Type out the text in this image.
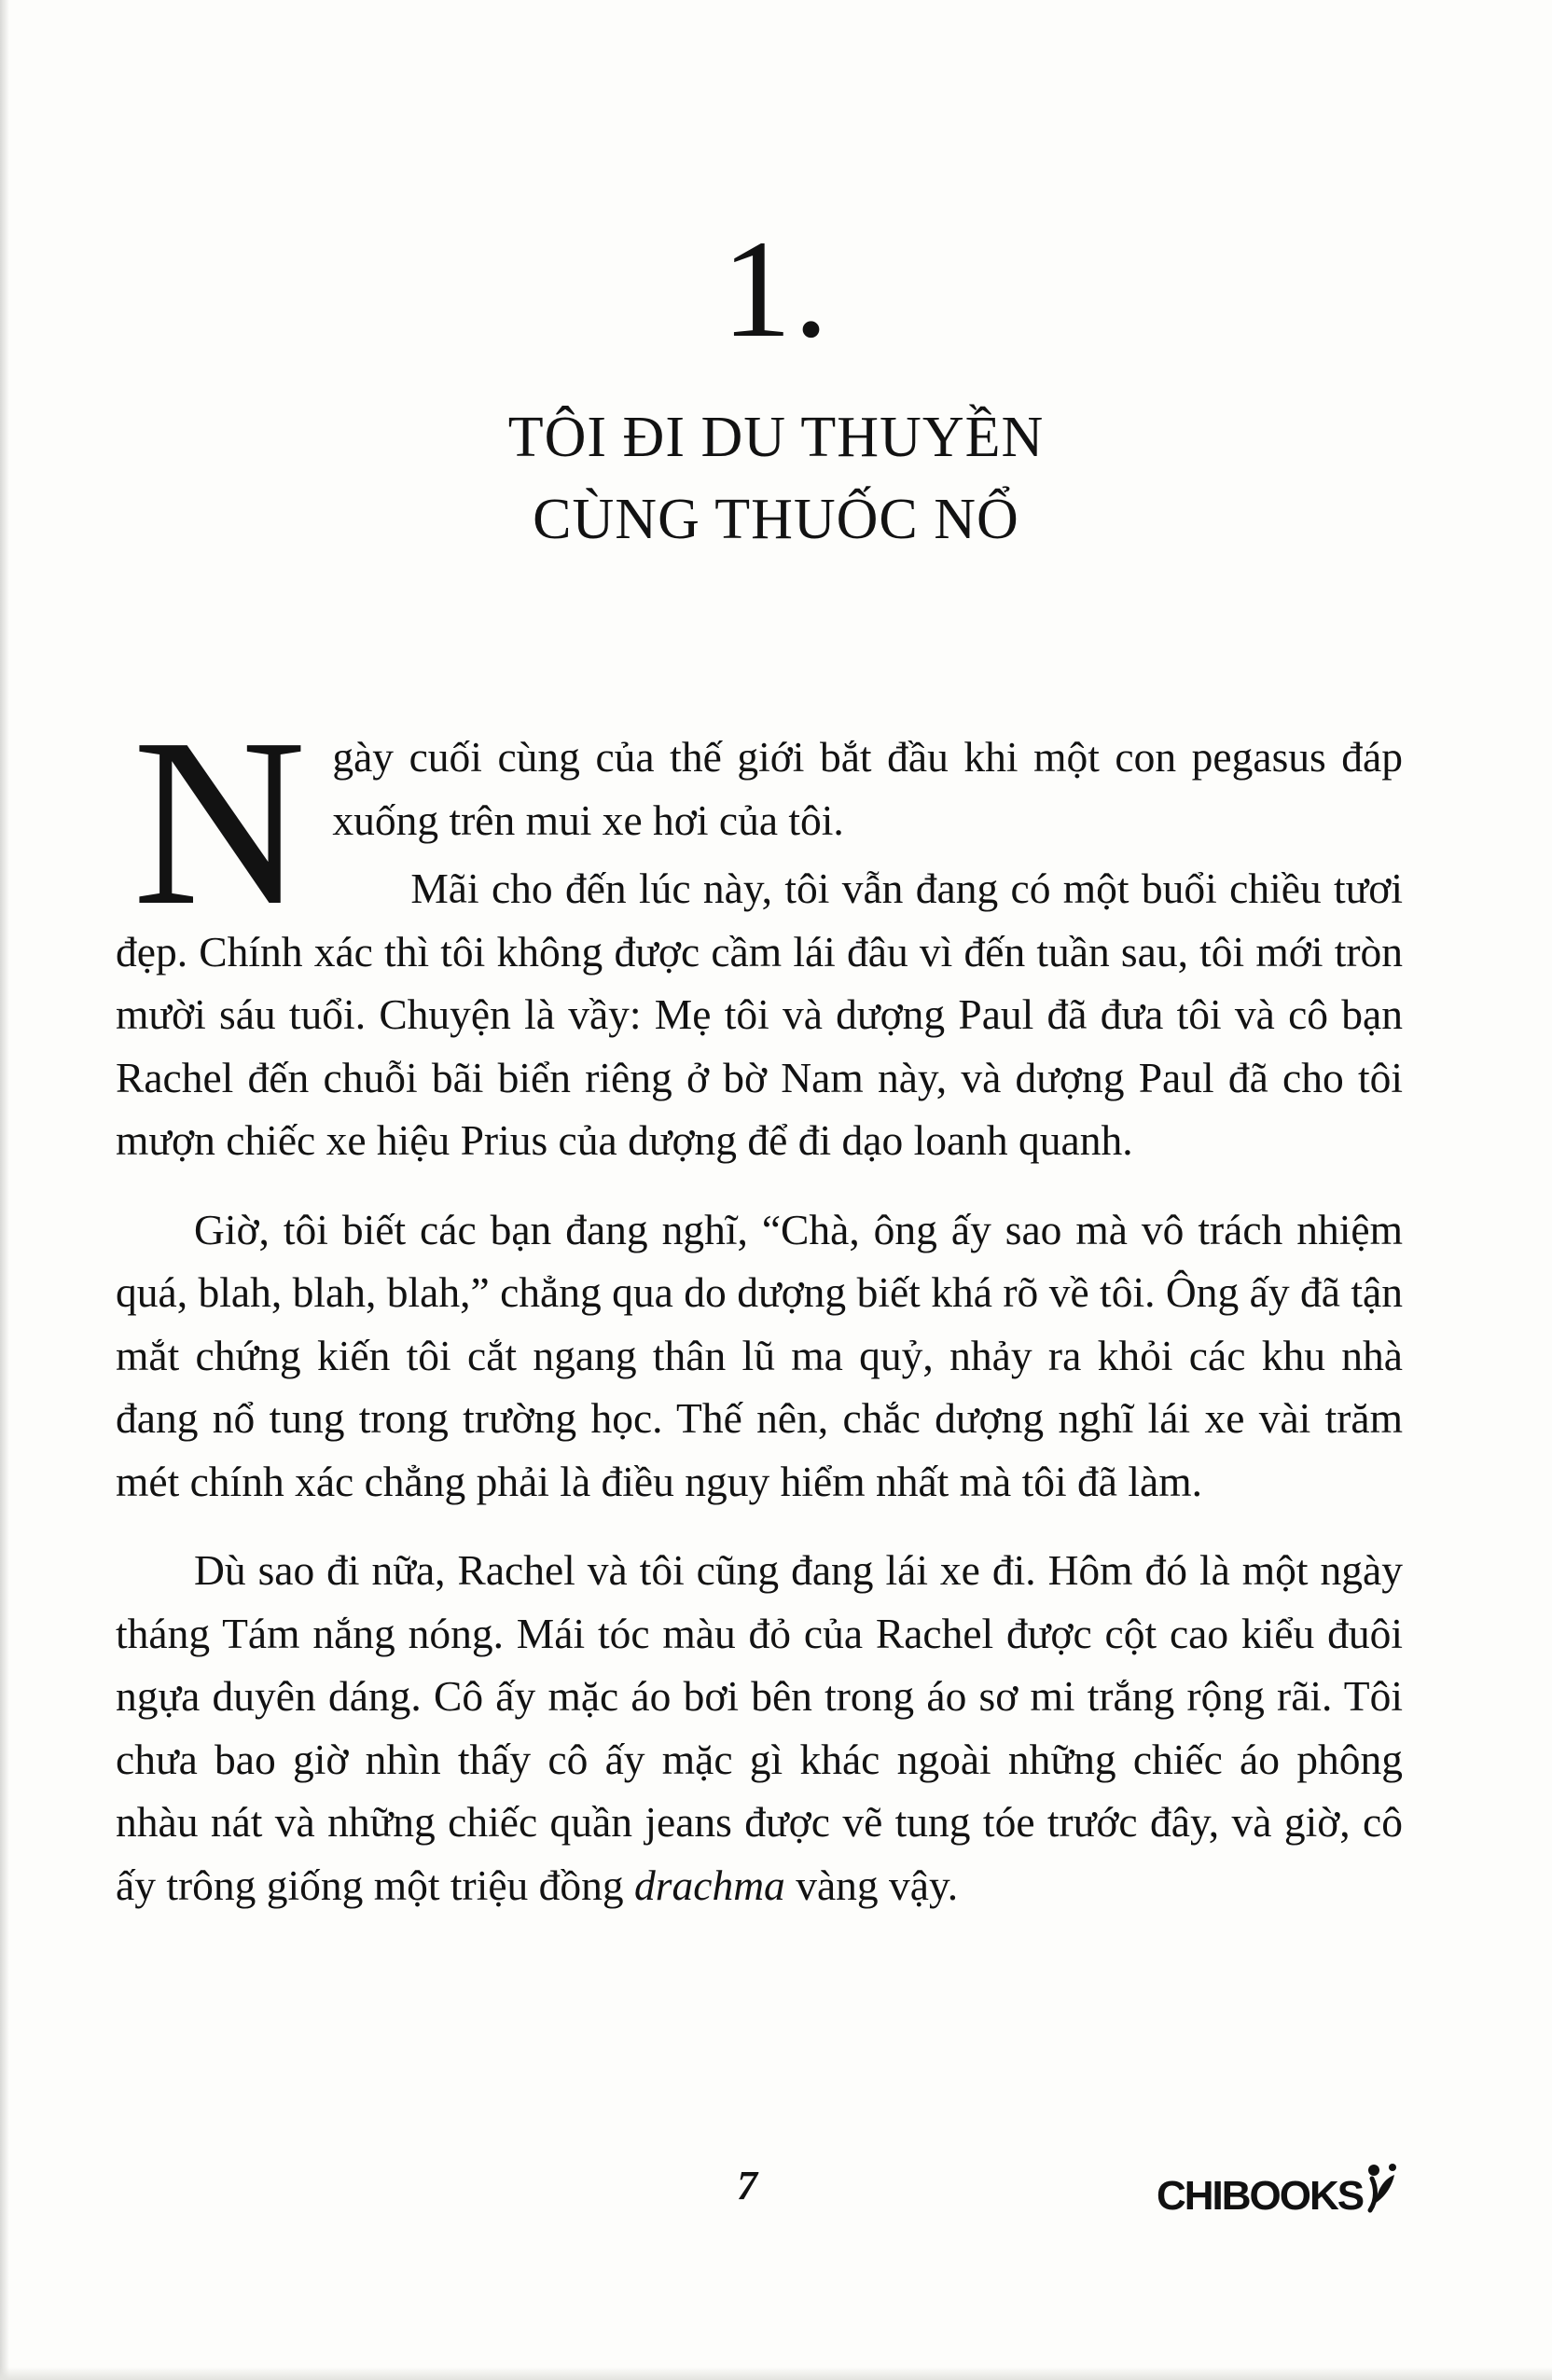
1.
TÔI ĐI DU THUYỀN
CÙNG THUỐC NỔ

Ngày cuối cùng của thế giới bắt đầu khi một con pegasus đáp xuống trên mui xe hơi của tôi.

Mãi cho đến lúc này, tôi vẫn đang có một buổi chiều tươi đẹp. Chính xác thì tôi không được cầm lái đâu vì đến tuần sau, tôi mới tròn mười sáu tuổi. Chuyện là vầy: Mẹ tôi và dượng Paul đã đưa tôi và cô bạn Rachel đến chuỗi bãi biển riêng ở bờ Nam này, và dượng Paul đã cho tôi mượn chiếc xe hiệu Prius của dượng để đi dạo loanh quanh.

Giờ, tôi biết các bạn đang nghĩ, “Chà, ông ấy sao mà vô trách nhiệm quá, blah, blah, blah,” chẳng qua do dượng biết khá rõ về tôi. Ông ấy đã tận mắt chứng kiến tôi cắt ngang thân lũ ma quỷ, nhảy ra khỏi các khu nhà đang nổ tung trong trường học. Thế nên, chắc dượng nghĩ lái xe vài trăm mét chính xác chẳng phải là điều nguy hiểm nhất mà tôi đã làm.

Dù sao đi nữa, Rachel và tôi cũng đang lái xe đi. Hôm đó là một ngày tháng Tám nắng nóng. Mái tóc màu đỏ của Rachel được cột cao kiểu đuôi ngựa duyên dáng. Cô ấy mặc áo bơi bên trong áo sơ mi trắng rộng rãi. Tôi chưa bao giờ nhìn thấy cô ấy mặc gì khác ngoài những chiếc áo phông nhàu nát và những chiếc quần jeans được vẽ tung tóe trước đây, và giờ, cô ấy trông giống một triệu đồng drachma vàng vậy.

7	CHIBOOKS
